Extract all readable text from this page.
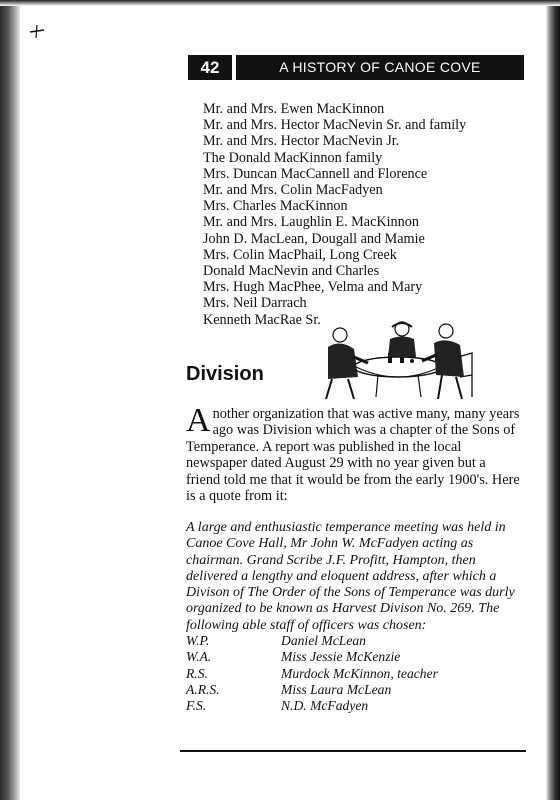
42	A HISTORY OF CANOE COVE
Mr. and Mrs. Ewen MacKinnon
Mr. and Mrs. Hector MacNevin Sr. and family
Mr. and Mrs. Hector MacNevin Jr.
The Donald MacKinnon family
Mrs. Duncan MacCannell and Florence
Mr. and Mrs. Colin MacFadyen
Mrs. Charles MacKinnon
Mr. and Mrs. Laughlin E. MacKinnon
John D. MacLean, Dougall and Mamie
Mrs. Colin MacPhail, Long Creek
Donald MacNevin and Charles
Mrs. Hugh MacPhee, Velma and Mary
Mrs. Neil Darrach
Kenneth MacRae Sr.
Division

Another organization that was active many, many years ago was Division which was a chapter of the Sons of Temperance. A report was published in the local newspaper dated August 29 with no year given but a friend told me that it would be from the early 1900's. Here is a quote from it:

A large and enthusiastic temperance meeting was held in Canoe Cove Hall, Mr John W. McFadyen acting as chairman. Grand Scribe J.F. Profitt, Hampton, then delivered a lengthy and eloquent address, after which a Divison of The Order of the Sons of Temperance was durly organized to be known as Harvest Divison No. 269. The following able staff of officers was chosen:

W.P.	Daniel McLean
W.A.	Miss Jessie McKenzie
R.S.	Murdock McKinnon, teacher
A.R.S.	Miss Laura McLean
F.S.	N.D. McFadyen
